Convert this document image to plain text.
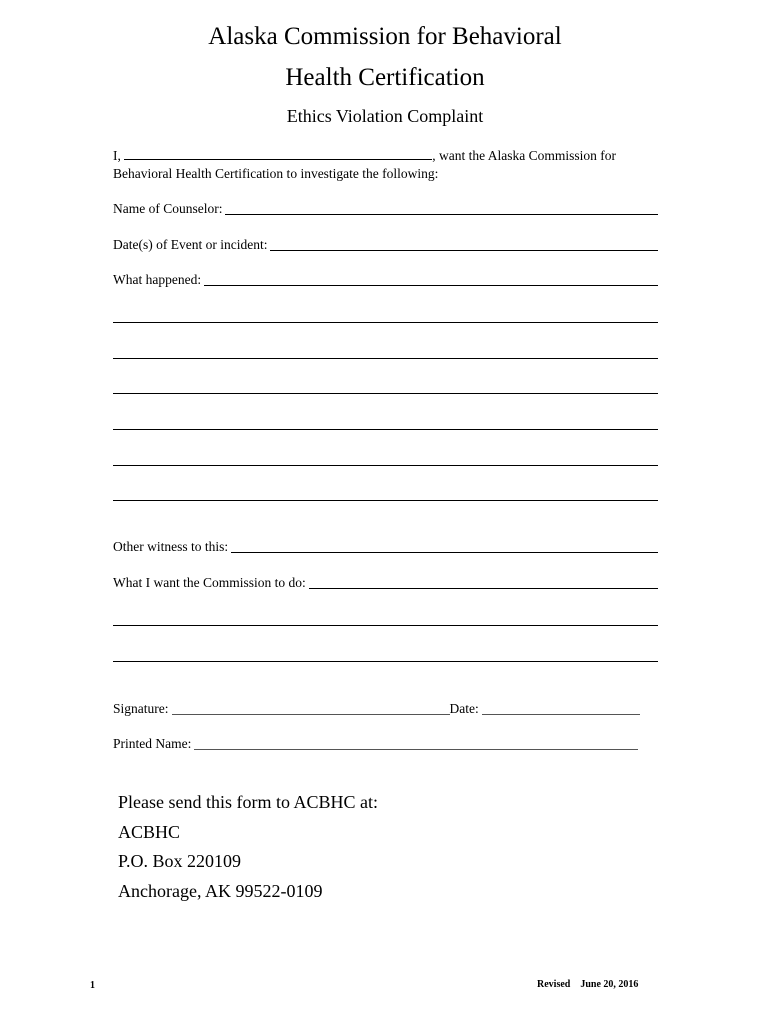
Alaska Commission for Behavioral
Health Certification
Ethics Violation Complaint
I,	, want the Alaska Commission for Behavioral Health Certification to investigate the following:
Name of Counselor:
Date(s) of Event or incident:
What happened:
Other witness to this:
What I want the Commission to do:
Signature:	Date:
Printed Name:
Please send this form to ACBHC at:
ACBHC
P.O. Box 220109
Anchorage, AK 99522-0109
1	Revised    June 20, 2016
